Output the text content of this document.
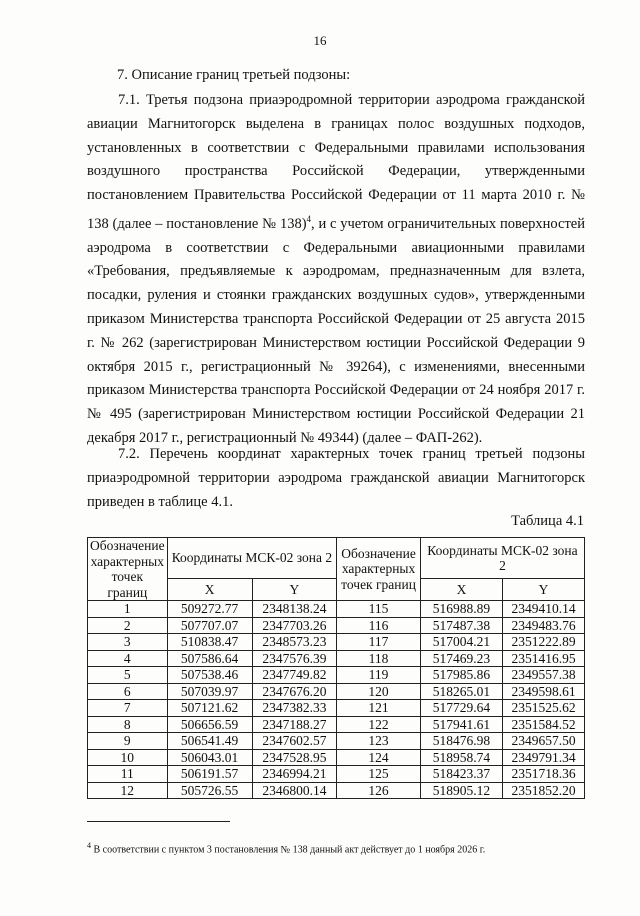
16
7. Описание границ третьей подзоны:
7.1. Третья подзона приаэродромной территории аэродрома гражданской авиации Магнитогорск выделена в границах полос воздушных подходов, установленных в соответствии с Федеральными правилами использования воздушного пространства Российской Федерации, утвержденными постановлением Правительства Российской Федерации от 11 марта 2010 г. № 138 (далее – постановление № 138)$^4$, и с учетом ограничительных поверхностей аэродрома в соответствии с Федеральными авиационными правилами «Требования, предъявляемые к аэродромам, предназначенным для взлета, посадки, руления и стоянки гражданских воздушных судов», утвержденными приказом Министерства транспорта Российской Федерации от 25 августа 2015 г. № 262 (зарегистрирован Министерством юстиции Российской Федерации 9 октября 2015 г., регистрационный № 39264), с изменениями, внесенными приказом Министерства транспорта Российской Федерации от 24 ноября 2017 г. № 495 (зарегистрирован Министерством юстиции Российской Федерации 21 декабря 2017 г., регистрационный № 49344) (далее – ФАП-262).
7.2. Перечень координат характерных точек границ третьей подзоны приаэродромной территории аэродрома гражданской авиации Магнитогорск приведен в таблице 4.1.
Таблица 4.1
Обозначение характерных точек границ	Координаты МСК-02 зона 2		Обозначение характерных точек границ	Координаты МСК-02 зона 2	
	X	Y		X	Y
1	509272.77	2348138.24	115	516988.89	2349410.14
2	507707.07	2347703.26	116	517487.38	2349483.76
3	510838.47	2348573.23	117	517004.21	2351222.89
4	507586.64	2347576.39	118	517469.23	2351416.95
5	507538.46	2347749.82	119	517985.86	2349557.38
6	507039.97	2347676.20	120	518265.01	2349598.61
7	507121.62	2347382.33	121	517729.64	2351525.62
8	506656.59	2347188.27	122	517941.61	2351584.52
9	506541.49	2347602.57	123	518476.98	2349657.50
10	506043.01	2347528.95	124	518958.74	2349791.34
11	506191.57	2346994.21	125	518423.37	2351718.36
12	505726.55	2346800.14	126	518905.12	2351852.20
$^4$ В соответствии с пунктом 3 постановления № 138 данный акт действует до 1 ноября 2026 г.
